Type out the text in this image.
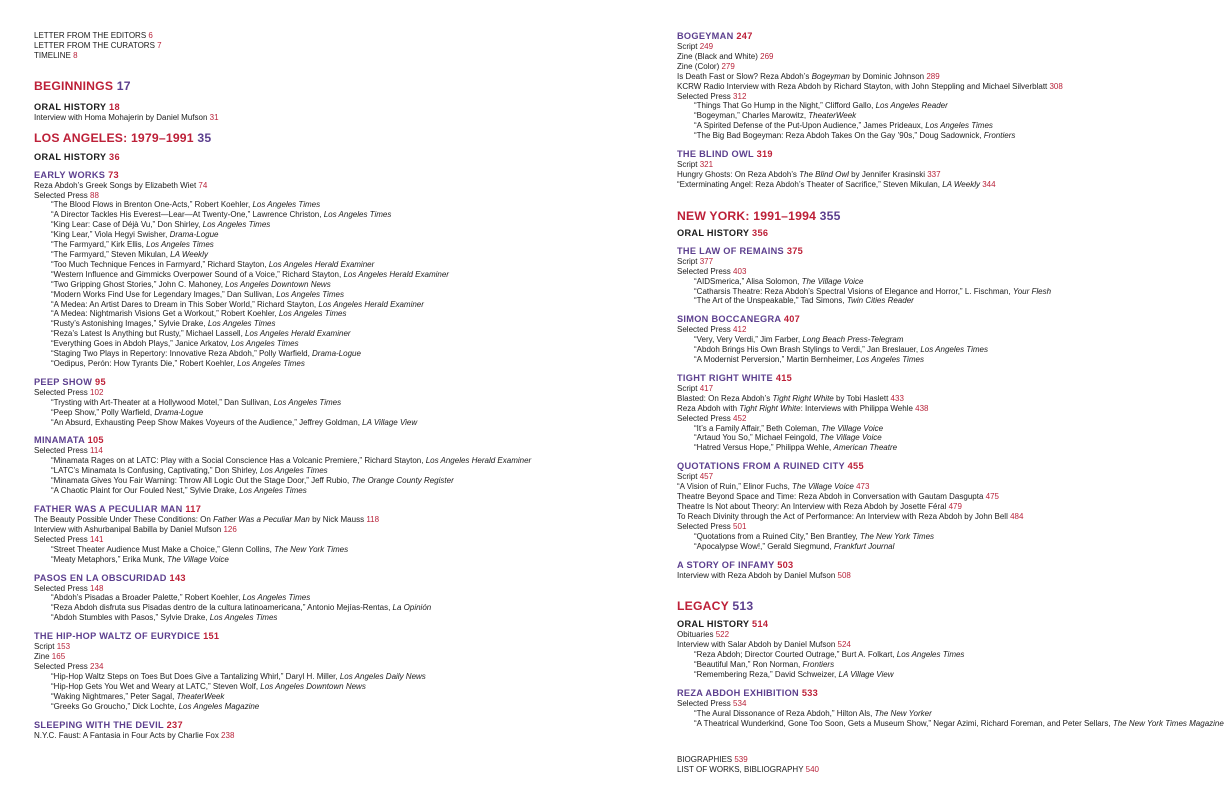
LETTER FROM THE EDITORS 6
LETTER FROM THE CURATORS 7
TIMELINE 8
BEGINNINGS 17
ORAL HISTORY 18
Interview with Homa Mohajerin by Daniel Mufson 31
LOS ANGELES: 1979–1991 35
ORAL HISTORY 36
EARLY WORKS 73
Reza Abdoh’s Greek Songs by Elizabeth Wiet 74
Selected Press 88
“The Blood Flows in Brenton One-Acts,” Robert Koehler, Los Angeles Times
“A Director Tackles His Everest—Lear—At Twenty-One,” Lawrence Christon, Los Angeles Times
“King Lear: Case of Déjà Vu,” Don Shirley, Los Angeles Times
“King Lear,” Viola Hegyi Swisher, Drama-Logue
“The Farmyard,” Kirk Ellis, Los Angeles Times
“The Farmyard,” Steven Mikulan, LA Weekly
“Too Much Technique Fences in Farmyard,” Richard Stayton, Los Angeles Herald Examiner
“Western Influence and Gimmicks Overpower Sound of a Voice,” Richard Stayton, Los Angeles Herald Examiner
“Two Gripping Ghost Stories,” John C. Mahoney, Los Angeles Downtown News
“Modern Works Find Use for Legendary Images,” Dan Sullivan, Los Angeles Times
“A Medea: An Artist Dares to Dream in This Sober World,” Richard Stayton, Los Angeles Herald Examiner
“A Medea: Nightmarish Visions Get a Workout,” Robert Koehler, Los Angeles Times
“Rusty’s Astonishing Images,” Sylvie Drake, Los Angeles Times
“Reza’s Latest Is Anything but Rusty,” Michael Lassell, Los Angeles Herald Examiner
“Everything Goes in Abdoh Plays,” Janice Arkatov, Los Angeles Times
“Staging Two Plays in Repertory: Innovative Reza Abdoh,” Polly Warfield, Drama-Logue
“Oedipus, Perón: How Tyrants Die,” Robert Koehler, Los Angeles Times
PEEP SHOW 95
Selected Press 102
“Trysting with Art-Theater at a Hollywood Motel,” Dan Sullivan, Los Angeles Times
“Peep Show,” Polly Warfield, Drama-Logue
“An Absurd, Exhausting Peep Show Makes Voyeurs of the Audience,” Jeffrey Goldman, LA Village View
MINAMATA 105
Selected Press 114
“Minamata Rages on at LATC: Play with a Social Conscience Has a Volcanic Premiere,” Richard Stayton, Los Angeles Herald Examiner
“LATC’s Minamata Is Confusing, Captivating,” Don Shirley, Los Angeles Times
“Minamata Gives You Fair Warning: Throw All Logic Out the Stage Door,” Jeff Rubio, The Orange County Register
“A Chaotic Plaint for Our Fouled Nest,” Sylvie Drake, Los Angeles Times
FATHER WAS A PECULIAR MAN 117
The Beauty Possible Under These Conditions: On Father Was a Peculiar Man by Nick Mauss 118
Interview with Ashurbanipal Babilla by Daniel Mufson 126
Selected Press 141
“Street Theater Audience Must Make a Choice,” Glenn Collins, The New York Times
“Meaty Metaphors,” Erika Munk, The Village Voice
PASOS EN LA OBSCURIDAD 143
Selected Press 148
“Abdoh’s Pisadas a Broader Palette,” Robert Koehler, Los Angeles Times
“Reza Abdoh disfruta sus Pisadas dentro de la cultura latinoamericana,” Antonio Mejías-Rentas, La Opinión
“Abdoh Stumbles with Pasos,” Sylvie Drake, Los Angeles Times
THE HIP-HOP WALTZ OF EURYDICE 151
Script 153
Zine 165
Selected Press 234
“Hip-Hop Waltz Steps on Toes But Does Give a Tantalizing Whirl,” Daryl H. Miller, Los Angeles Daily News
“Hip-Hop Gets You Wet and Weary at LATC,” Steven Wolf, Los Angeles Downtown News
“Waking Nightmares,” Peter Sagal, TheaterWeek
“Greeks Go Groucho,” Dick Lochte, Los Angeles Magazine
SLEEPING WITH THE DEVIL 237
N.Y.C. Faust: A Fantasia in Four Acts by Charlie Fox 238
BOGEYMAN 247
Script 249
Zine (Black and White) 269
Zine (Color) 279
Is Death Fast or Slow? Reza Abdoh’s Bogeyman by Dominic Johnson 289
KCRW Radio Interview with Reza Abdoh by Richard Stayton, with John Steppling and Michael Silverblatt 308
Selected Press 312
“Things That Go Hump in the Night,” Clifford Gallo, Los Angeles Reader
“Bogeyman,” Charles Marowitz, TheaterWeek
“A Spirited Defense of the Put-Upon Audience,” James Prideaux, Los Angeles Times
“The Big Bad Bogeyman: Reza Abdoh Takes On the Gay ’90s,” Doug Sadownick, Frontiers
THE BLIND OWL 319
Script 321
Hungry Ghosts: On Reza Abdoh’s The Blind Owl by Jennifer Krasinski 337
“Exterminating Angel: Reza Abdoh’s Theater of Sacrifice,” Steven Mikulan, LA Weekly 344
NEW YORK: 1991–1994 355
ORAL HISTORY 356
THE LAW OF REMAINS 375
Script 377
Selected Press 403
“AIDSmerica,” Alisa Solomon, The Village Voice
“Catharsis Theatre: Reza Abdoh’s Spectral Visions of Elegance and Horror,” L. Fischman, Your Flesh
“The Art of the Unspeakable,” Tad Simons, Twin Cities Reader
SIMON BOCCANEGRA 407
Selected Press 412
“Very, Very Verdi,” Jim Farber, Long Beach Press-Telegram
“Abdoh Brings His Own Brash Stylings to Verdi,” Jan Breslauer, Los Angeles Times
“A Modernist Perversion,” Martin Bernheimer, Los Angeles Times
TIGHT RIGHT WHITE 415
Script 417
Blasted: On Reza Abdoh’s Tight Right White by Tobi Haslett 433
Reza Abdoh with Tight Right White: Interviews with Philippa Wehle 438
Selected Press 452
“It’s a Family Affair,” Beth Coleman, The Village Voice
“Artaud You So,” Michael Feingold, The Village Voice
“Hatred Versus Hope,” Philippa Wehle, American Theatre
QUOTATIONS FROM A RUINED CITY 455
Script 457
“A Vision of Ruin,” Elinor Fuchs, The Village Voice 473
Theatre Beyond Space and Time: Reza Abdoh in Conversation with Gautam Dasgupta 475
Theatre Is Not about Theory: An Interview with Reza Abdoh by Josette Féral 479
To Reach Divinity through the Act of Performance: An Interview with Reza Abdoh by John Bell 484
Selected Press 501
“Quotations from a Ruined City,” Ben Brantley, The New York Times
“Apocalypse Wow!,” Gerald Siegmund, Frankfurt Journal
A STORY OF INFAMY 503
Interview with Reza Abdoh by Daniel Mufson 508
LEGACY 513
ORAL HISTORY 514
Obituaries 522
Interview with Salar Abdoh by Daniel Mufson 524
“Reza Abdoh; Director Courted Outrage,” Burt A. Folkart, Los Angeles Times
“Beautiful Man,” Ron Norman, Frontiers
“Remembering Reza,” David Schweizer, LA Village View
REZA ABDOH EXHIBITION 533
Selected Press 534
“The Aural Dissonance of Reza Abdoh,” Hilton Als, The New Yorker
“A Theatrical Wunderkind, Gone Too Soon, Gets a Museum Show,” Negar Azimi, Richard Foreman, and Peter Sellars, The New York Times Magazine
BIOGRAPHIES 539
LIST OF WORKS, BIBLIOGRAPHY 540
